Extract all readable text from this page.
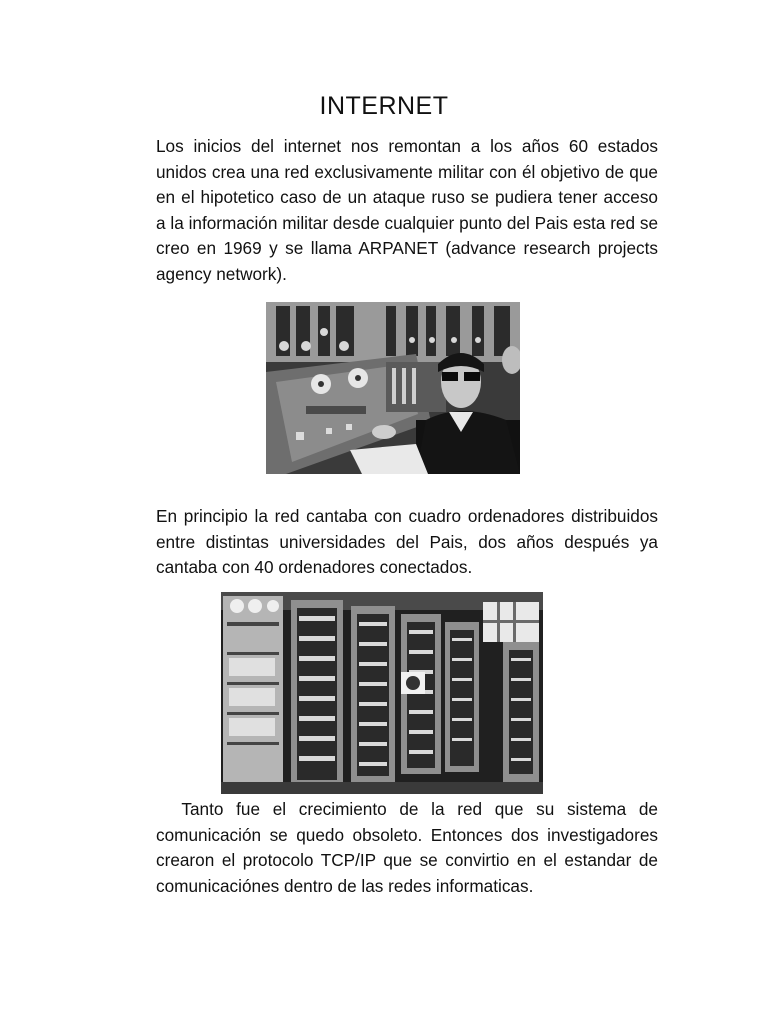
INTERNET

Los inicios del internet nos remontan a los años 60 estados unidos crea una red exclusivamente militar con él objetivo de que en el hipotetico caso de un ataque ruso se pudiera tener acceso a la información militar desde cualquier punto del Pais esta red se creo en 1969 y se llama ARPANET (advance research projects agency network).

En principio la red cantaba con cuadro ordenadores distribuidos entre distintas universidades del Pais, dos años después ya cantaba con 40 ordenadores conectados.

Tanto fue el crecimiento de la red que su sistema de comunicación se quedo obsoleto. Entonces dos investigadores crearon el protocolo TCP/IP que se convirtio en el estandar de comunicaciónes dentro de las redes informaticas.
